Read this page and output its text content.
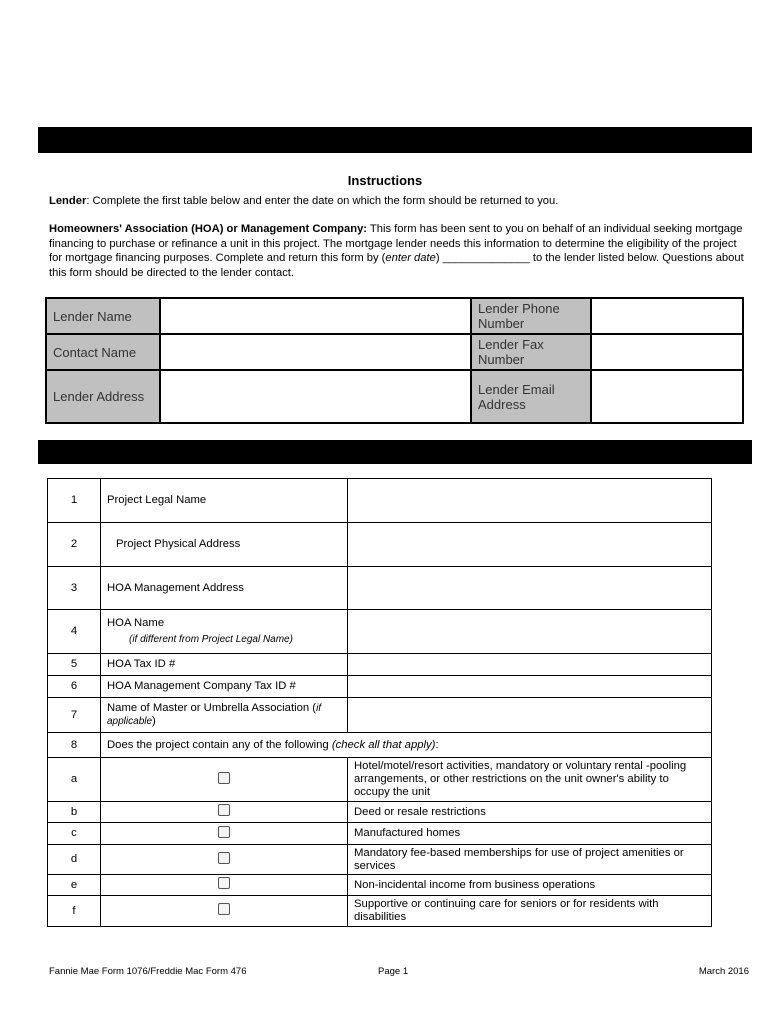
Instructions
Lender: Complete the first table below and enter the date on which the form should be returned to you.
Homeowners' Association (HOA) or Management Company: This form has been sent to you on behalf of an individual seeking mortgage financing to purchase or refinance a unit in this project. The mortgage lender needs this information to determine the eligibility of the project for mortgage financing purposes. Complete and return this form by (enter date) ______________ to the lender listed below. Questions about this form should be directed to the lender contact.
Lender Name		Lender Phone Number	
Contact Name		Lender Fax Number	
Lender Address		Lender Email Address	
1	Project Legal Name	
2	Project Physical Address	
3	HOA Management Address	
4	HOA Name
(if different from Project Legal Name)	

5	HOA Tax ID #	
6	HOA Management Company Tax ID #	
7	Name of Master or Umbrella Association (if applicable)	
8	Does the project contain any of the following (check all that apply):	
a		Hotel/motel/resort activities, mandatory or voluntary rental -pooling arrangements, or other restrictions on the unit owner's ability to occupy the unit
b		Deed or resale restrictions
c		Manufactured homes
d		Mandatory fee-based memberships for use of project amenities or services
e		Non-incidental income from business operations
f		Supportive or continuing care for seniors or for residents with disabilities
Fannie Mae Form 1076/Freddie Mac Form 476	Page 1	March 2016
